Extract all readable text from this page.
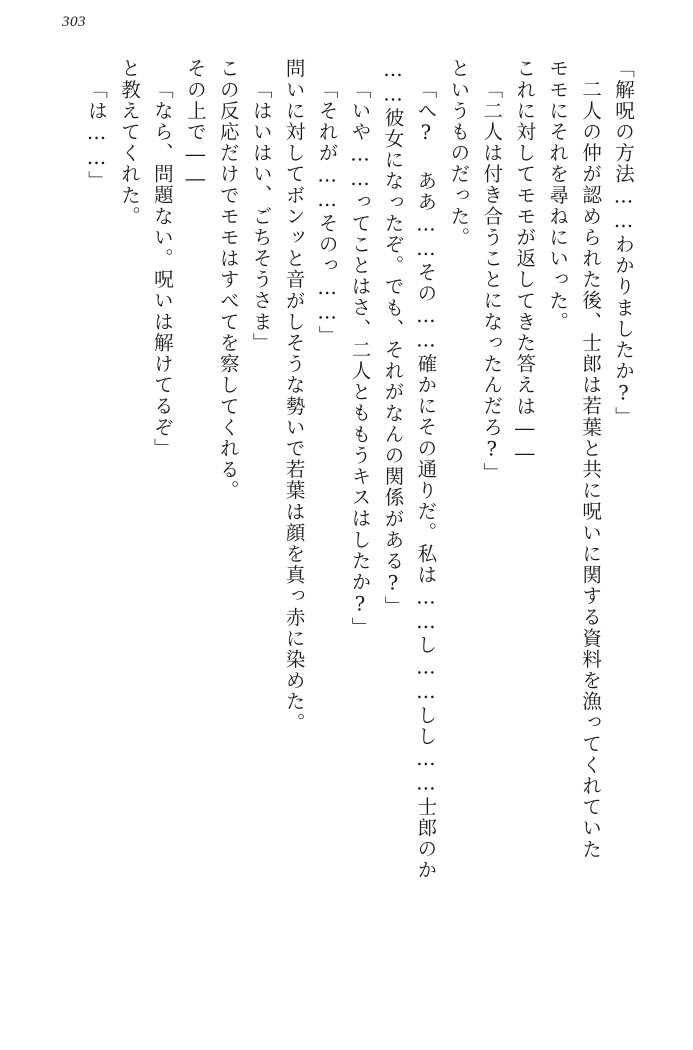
303
「解呪の方法……わかりましたか?」
二人の仲が認められた後、士郎は若葉と共に呪いに関する資料を漁ってくれていた
モモにそれを尋ねにいった。
これに対してモモが返してきた答えは――
「二人は付き合うことになったんだろ?」
というものだった。
「へ? ああ……その……確かにその通りだ。私は……し……しし……士郎のか
……彼女になったぞ。でも、それがなんの関係がある?」
「いや……ってことはさ、二人とももうキスはしたか?」
「それが……そのっ……」
問いに対してボンッと音がしそうな勢いで若葉は顔を真っ赤に染めた。
「はいはい、ごちそうさま」
この反応だけでモモはすべてを察してくれる。
その上で――
「なら、問題ない。呪いは解けてるぞ」
と教えてくれた。
「は……」
